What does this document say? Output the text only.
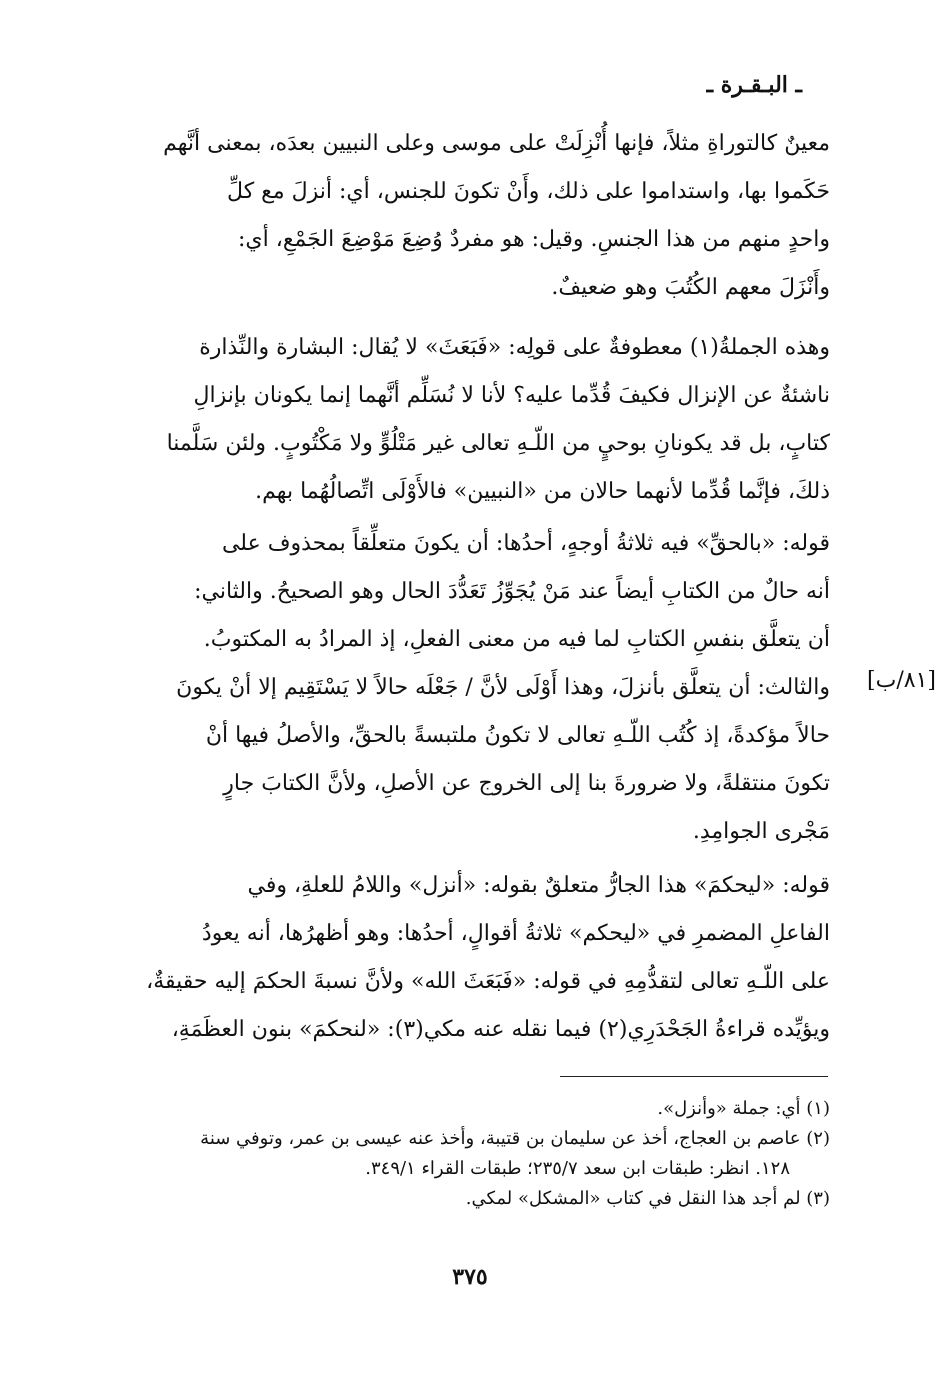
ـ البـقـرة ـ
[٨١/ب]

معينٌ كالتوراةِ مثلاً، فإنها أُنْزِلَتْ على موسى وعلى النبيين بعدَه، بمعنى أنَّهم
حَكَموا بها، واستداموا على ذلك، وأَنْ تكونَ للجنس، أي: أنزلَ مع كلِّ
واحدٍ منهم من هذا الجنسِ. وقيل: هو مفردٌ وُضِعَ مَوْضِعَ الجَمْعِ، أي:
وأَنْزَلَ معهم الكُتُبَ وهو ضعيفٌ.

وهذه الجملةُ(١) معطوفةٌ على قولِه: «فَبَعَثَ» لا يُقال: البشارة والنِّذارة
ناشئةٌ عن الإنزال فكيفَ قُدِّما عليه؟ لأنا لا نُسَلِّم أنَّهما إنما يكونان بإنزالِ
كتابٍ، بل قد يكونانِ بوحيٍ من اللّـهِ تعالى غير مَتْلُوٍّ ولا مَكْتُوبٍ. ولئن سَلَّمنا
ذلكَ، فإنَّما قُدِّما لأنهما حالان من «النبيين» فالأَوْلَى اتِّصالُهُما بهم.

قوله: «بالحقِّ» فيه ثلاثةُ أوجهٍ، أحدُها: أن يكونَ متعلِّقاً بمحذوف على
أنه حالٌ من الكتابِ أيضاً عند مَنْ يُجَوِّزُ تَعَدُّدَ الحال وهو الصحيحُ. والثاني:
أن يتعلَّق بنفسِ الكتابِ لما فيه من معنى الفعلِ، إذ المرادُ به المكتوبُ.
والثالث: أن يتعلَّق بأنزلَ، وهذا أَوْلَى لأنَّ / جَعْلَه حالاً لا يَسْتَقِيم إلا أنْ يكونَ
حالاً مؤكدةً، إذ كُتُب اللّـهِ تعالى لا تكونُ ملتبسةً بالحقِّ، والأصلُ فيها أنْ
تكونَ منتقلةً، ولا ضرورةَ بنا إلى الخروج عن الأصلِ، ولأنَّ الكتابَ جارٍ
مَجْرى الجوامِدِ.

قوله: «ليحكمَ» هذا الجارُّ متعلقٌ بقوله: «أنزل» واللامُ للعلةِ، وفي
الفاعلِ المضمرِ في «ليحكم» ثلاثةُ أقوالٍ، أحدُها: وهو أظهرُها، أنه يعودُ
على اللّـهِ تعالى لتقدُّمِهِ في قوله: «فَبَعَثَ الله» ولأنَّ نسبةَ الحكمَ إليه حقيقةٌ،
ويؤيِّده قراءةُ الجَحْدَرِي(٢) فيما نقله عنه مكي(٣): «لنحكمَ» بنون العظَمَةِ،

(١) أي: جملة «وأنزل».
(٢) عاصم بن العجاج، أخذ عن سليمان بن قتيبة، وأخذ عنه عيسى بن عمر، وتوفي سنة
١٢٨. انظر: طبقات ابن سعد ٢٣٥/٧؛ طبقات القراء ٣٤٩/١.
(٣) لم أجد هذا النقل في كتاب «المشكل» لمكي.
٣٧٥
